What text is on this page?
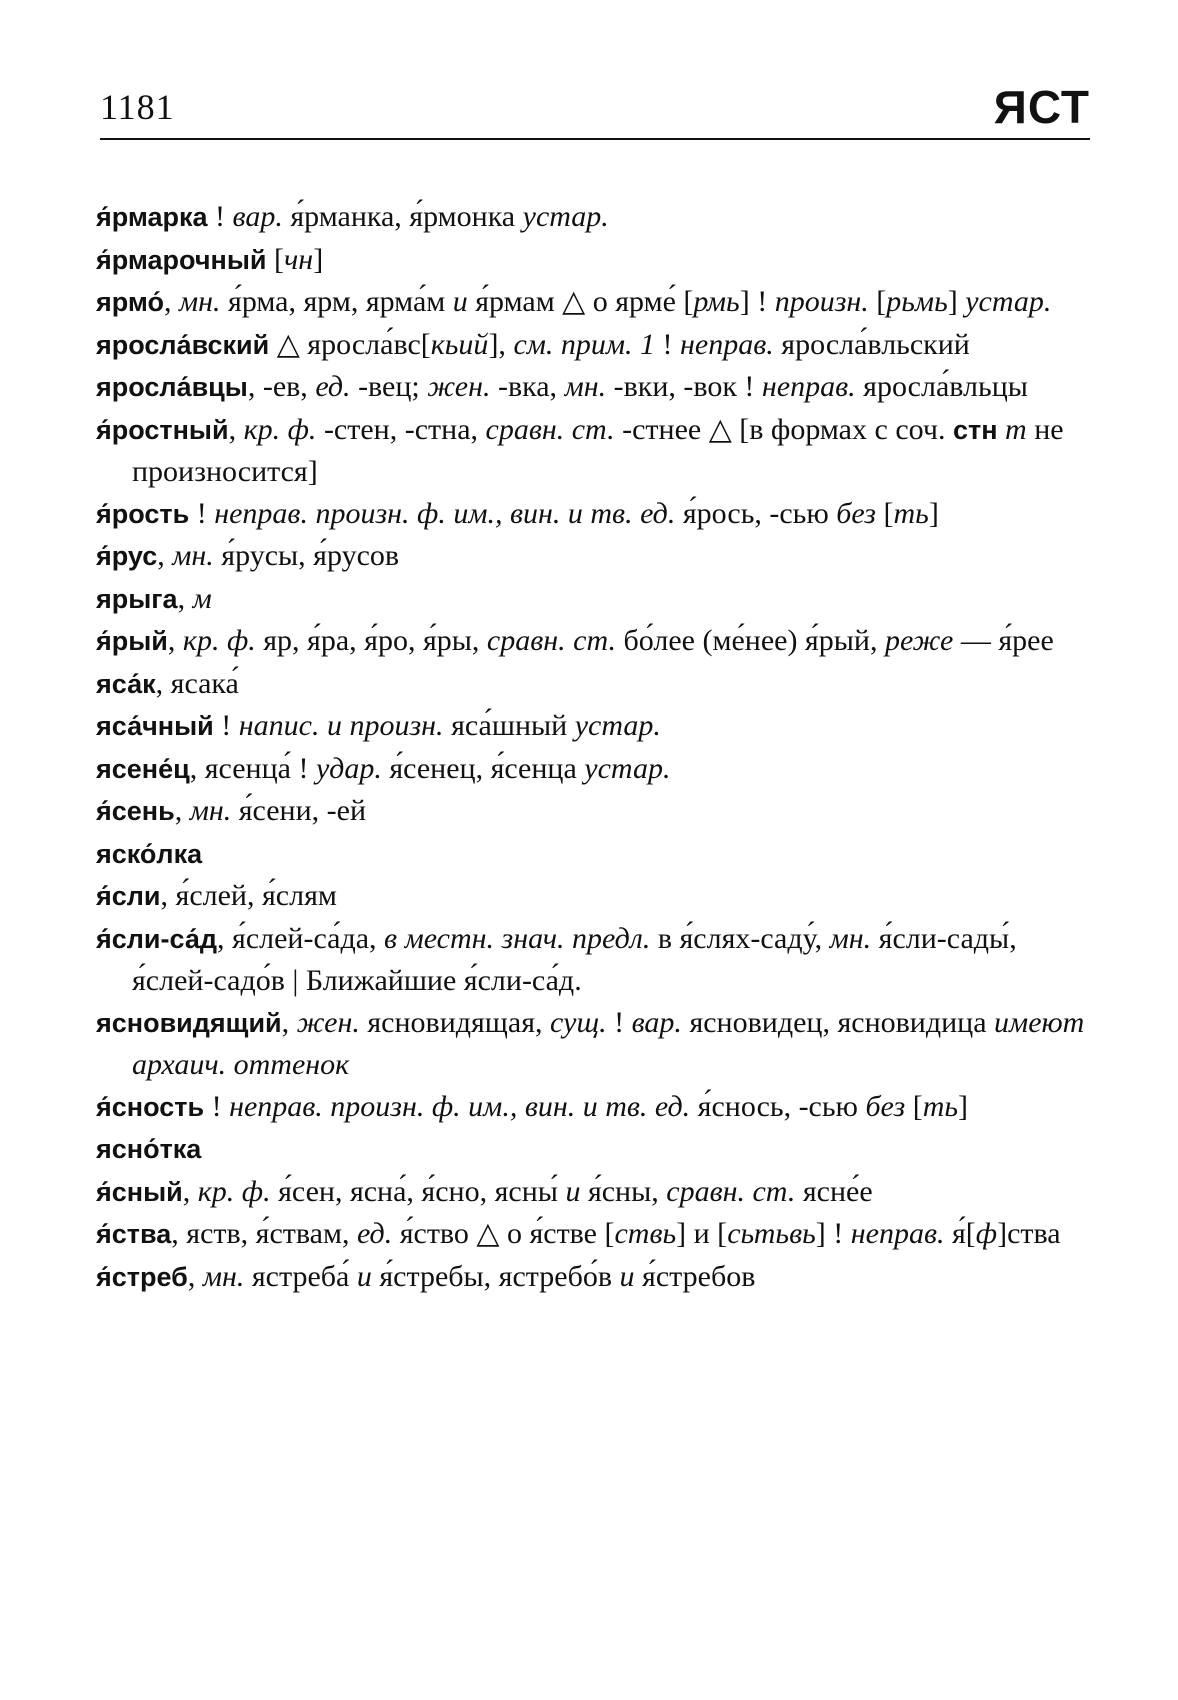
1181	ЯСТ

я́рмарка ! вар. я́рманка, я́рмонка устар.

я́рмарочный [чн]

ярмо́, мн. я́рма, ярм, ярма́м и я́рмам △ о ярме́ [рмь] ! произн. [рьмь] устар.

яросла́вский △ яросла́вс[кьий], см. прим. 1 ! неправ. яросла́вльский

яросла́вцы, -ев, ед. -вец; жен. -вка, мн. -вки, -вок ! неправ. яросла́вльцы

я́ростный, кр. ф. -стен, -стна, сравн. ст. -стнее △ [в формах с соч. стн т не произносится]

я́рость ! неправ. произн. ф. им., вин. и тв. ед. я́рось, -сью без [ть]

я́рус, мн. я́русы, я́русов

ярыга, м

я́рый, кр. ф. яр, я́ра, я́ро, я́ры, сравн. ст. бо́лее (ме́нее) я́рый, реже — я́рее

яса́к, ясака́

яса́чный ! напис. и произн. яса́шный устар.

ясене́ц, ясенца́ ! удар. я́сенец, я́сенца устар.

я́сень, мн. я́сени, -ей

яско́лка

я́сли, я́слей, я́слям

я́сли-са́д, я́слей-са́да, в местн. знач. предл. в я́слях-саду́, мн. я́сли-сады́, я́слей-садо́в | Ближайшие я́сли-са́д.

ясновидящий, жен. ясновидящая, сущ. ! вар. ясновидец, ясновидица имеют архаич. оттенок

я́сность ! неправ. произн. ф. им., вин. и тв. ед. я́снось, -сью без [ть]

ясно́тка

я́сный, кр. ф. я́сен, ясна́, я́сно, ясны́ и я́сны, сравн. ст. ясне́е

я́ства, яств, я́ствам, ед. я́ство △ о я́стве [ствь] и [сьтьвь] ! неправ. я́[ф]ства

я́стреб, мн. ястреба́ и я́стребы, ястребо́в и я́стребов
